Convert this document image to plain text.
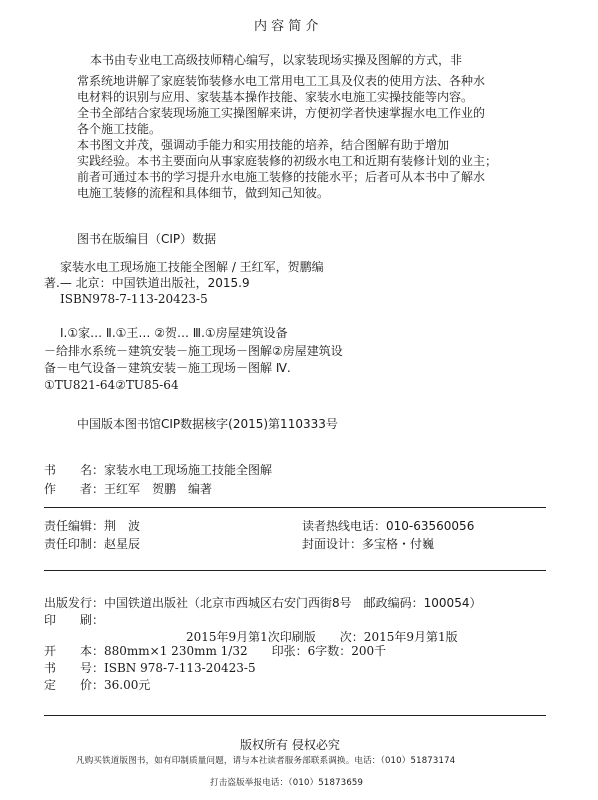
内 容 简 介
本书由专业电工高级技师精心编写，以家装现场实操及图解的方式，非
常系统地讲解了家庭装饰装修水电工常用电工工具及仪表的使用方法、各种水
电材料的识别与应用、家装基本操作技能、家装水电施工实操技能等内容。
全书全部结合家装现场施工实操图解来讲，方便初学者快速掌握水电工作业的
各个施工技能。
本书图文并茂，强调动手能力和实用技能的培养，结合图解有助于增加
实践经验。本书主要面向从事家庭装修的初级水电工和近期有装修计划的业主；
前者可通过本书的学习提升水电施工装修的技能水平；后者可从本书中了解水
电施工装修的流程和具体细节，做到知己知彼。
图书在版编目（CIP）数据
家装水电工现场施工技能全图解 / 王红军，贺鹏编
著.— 北京：中国铁道出版社，2015.9
ISBN978-7-113-20423-5
Ⅰ.①家… Ⅱ.①王… ②贺… Ⅲ.①房屋建筑设备
－给排水系统－建筑安装－施工现场－图解②房屋建筑设
备－电气设备－建筑安装－施工现场－图解 Ⅳ.
①TU821-64②TU85-64
中国版本图书馆CIP数据核字(2015)第110333号
书　　名：家装水电工现场施工技能全图解
作　　者：王红军　贺鹏　编著
责任编辑：荆　波	读者热线电话：010-63560056
责任印制：赵星辰	封面设计：多宝格・付巍
出版发行：中国铁道出版社（北京市西城区右安门西街8号　邮政编码：100054）
印　　刷：
2015年9月第1次印刷版　　次：2015年9月第1版
开　　本：880mm×1 230mm 1/32　　印张：6字数：200千
书　　号：ISBN 978-7-113-20423-5
定　　价：36.00元
版权所有 侵权必究
凡购买铁道版图书，如有印制质量问题，请与本社读者服务部联系调换。电话：（010）51873174
打击盗版举报电话：（010）51873659
